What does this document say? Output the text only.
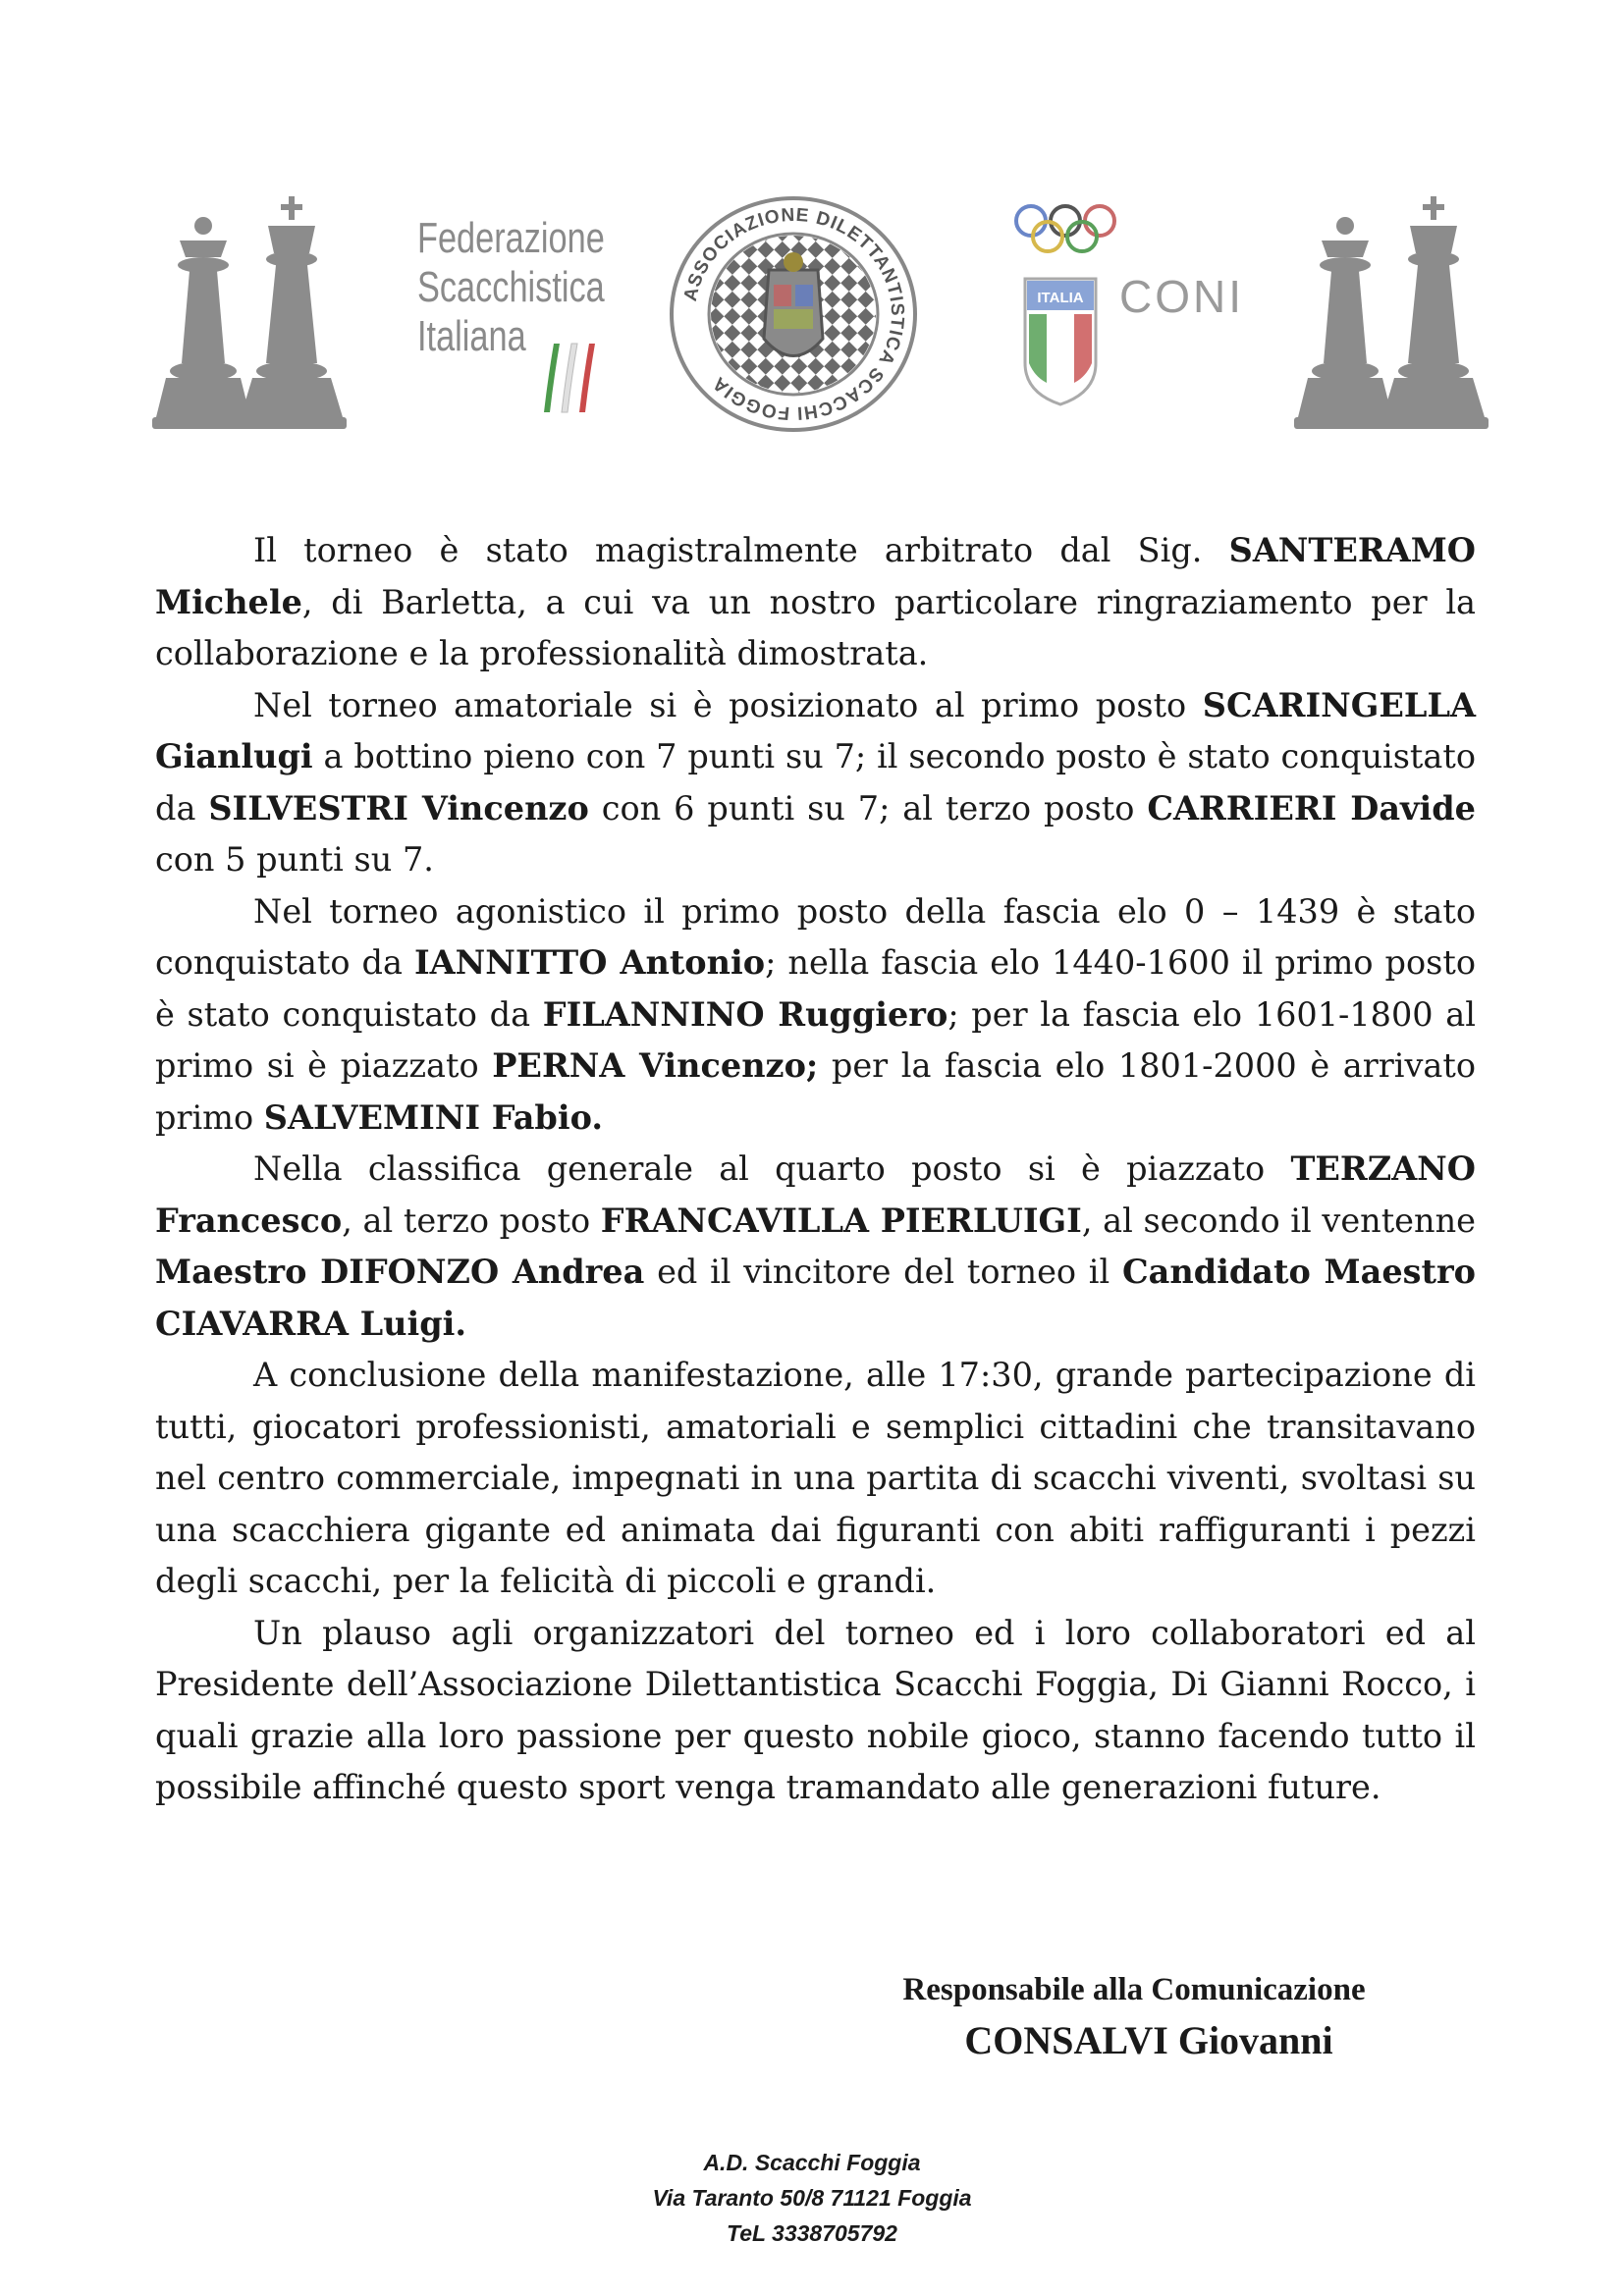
Federazione
Scacchistica
Italiana
ASSOCIAZIONE DILETTANTISTICA SCACCHI FOGGIA
ITALIA CONI

Il torneo è stato magistralmente arbitrato dal Sig. SANTERAMO Michele, di Barletta, a cui va un nostro particolare ringraziamento per la collaborazione e la professionalità dimostrata.

Nel torneo amatoriale si è posizionato al primo posto SCARINGELLA Gianlugi a bottino pieno con 7 punti su 7; il secondo posto è stato conquistato da SILVESTRI Vincenzo con 6 punti su 7; al terzo posto CARRIERI Davide con 5 punti su 7.

Nel torneo agonistico il primo posto della fascia elo 0 – 1439 è stato conquistato da IANNITTO Antonio; nella fascia elo 1440-1600 il primo posto è stato conquistato da FILANNINO Ruggiero; per la fascia elo 1601-1800 al primo si è piazzato PERNA Vincenzo; per la fascia elo 1801-2000 è arrivato primo SALVEMINI Fabio.

Nella classifica generale al quarto posto si è piazzato TERZANO Francesco, al terzo posto FRANCAVILLA PIERLUIGI, al secondo il ventenne Maestro DIFONZO Andrea ed il vincitore del torneo il Candidato Maestro CIAVARRA Luigi.

A conclusione della manifestazione, alle 17:30, grande partecipazione di tutti, giocatori professionisti, amatoriali e semplici cittadini che transitavano nel centro commerciale, impegnati in una partita di scacchi viventi, svoltasi su una scacchiera gigante ed animata dai figuranti con abiti raffiguranti i pezzi degli scacchi, per la felicità di piccoli e grandi.

Un plauso agli organizzatori del torneo ed i loro collaboratori ed al Presidente dell’Associazione Dilettantistica Scacchi Foggia, Di Gianni Rocco, i quali grazie alla loro passione per questo nobile gioco, stanno facendo tutto il possibile affinché questo sport venga tramandato alle generazioni future.

Responsabile alla Comunicazione
CONSALVI Giovanni
A.D. Scacchi Foggia
Via Taranto 50/8 71121 Foggia
TeL 3338705792
